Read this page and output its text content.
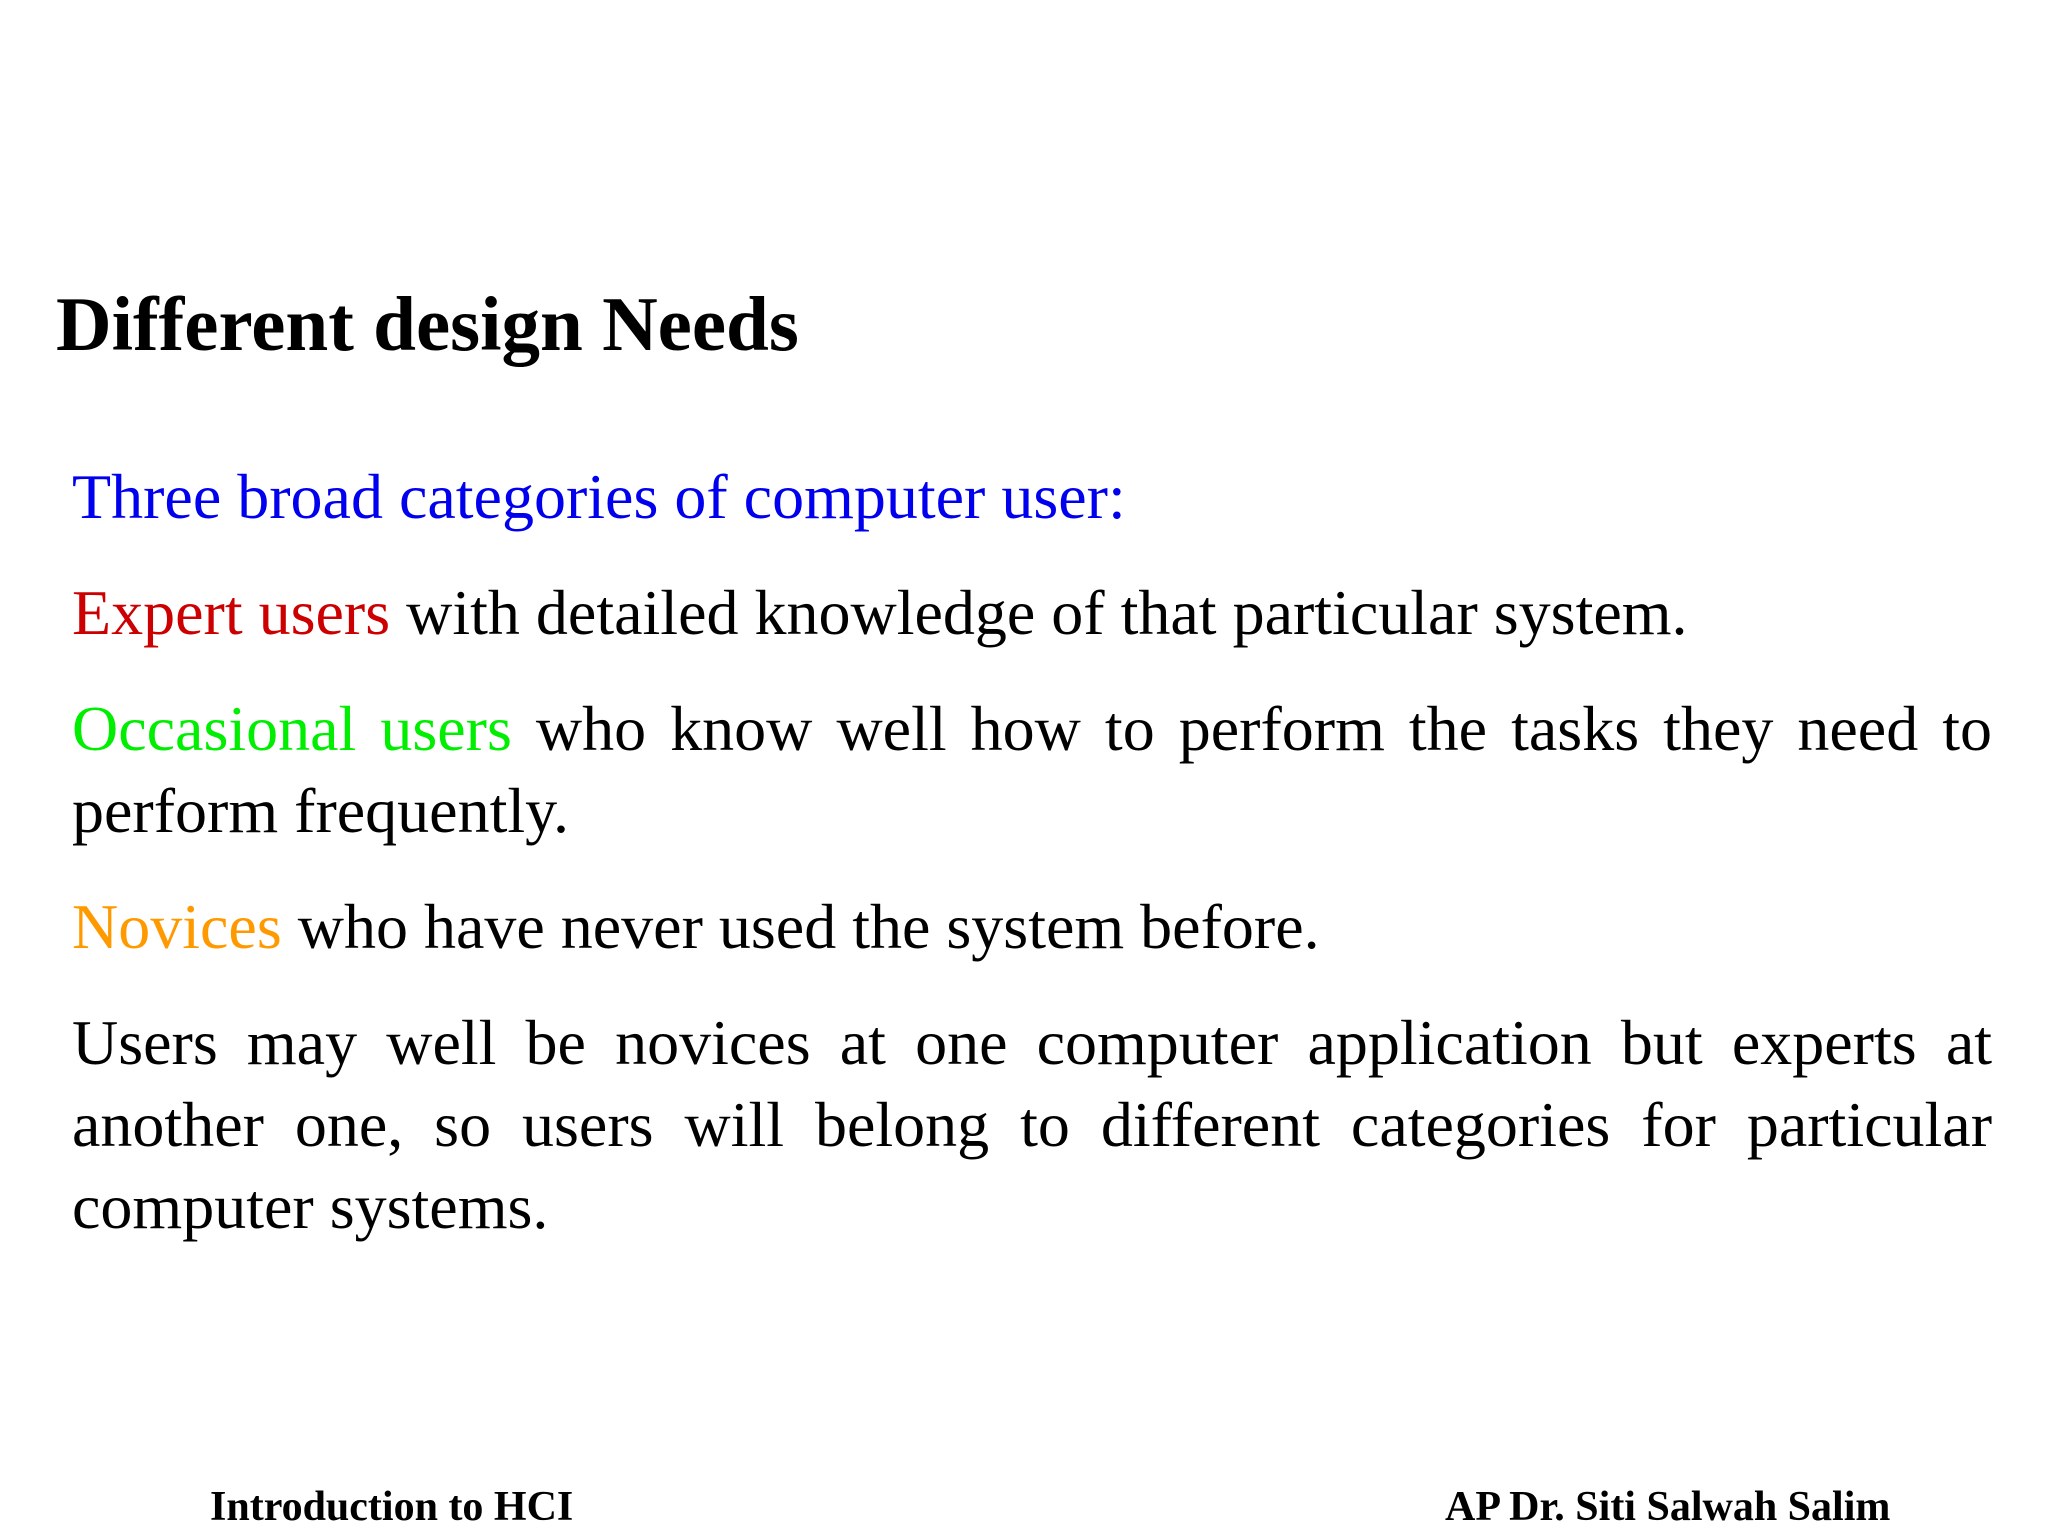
Different design Needs

Three broad categories of computer user:

Expert users with detailed knowledge of that particular system.

Occasional users who know well how to perform the tasks they need to perform frequently.

Novices who have never used the system before.

Users may well be novices at one computer application but experts at another one, so users will belong to different categories for particular computer systems.

Introduction to HCI	AP Dr. Siti Salwah Salim
